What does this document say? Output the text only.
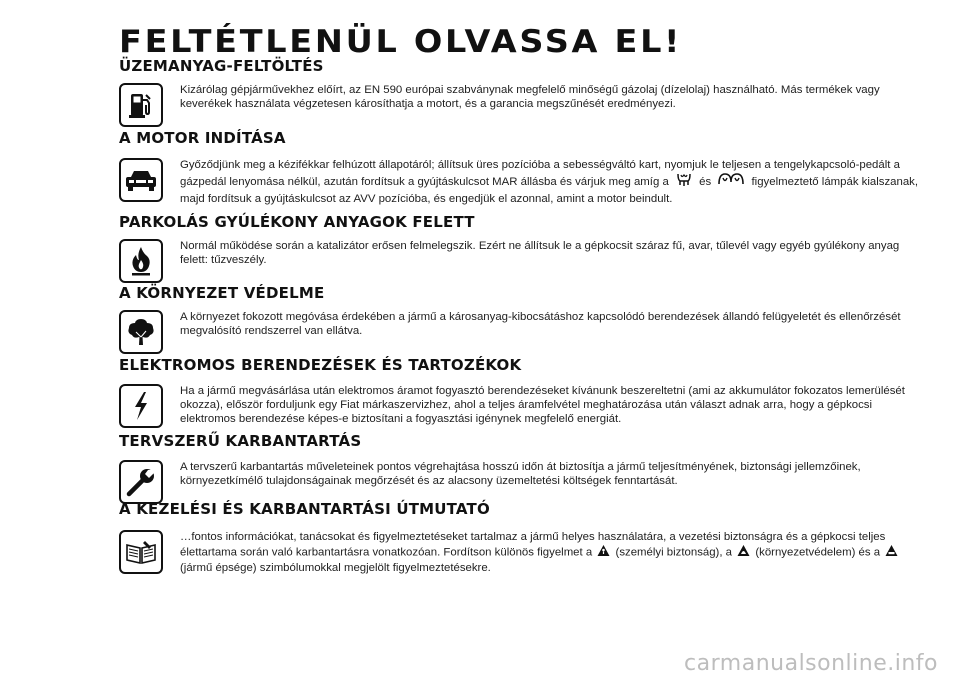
FELTÉTLENÜL OLVASSA EL!
ÜZEMANYAG-FELTÖLTÉS
Kizárólag gépjárművekhez előírt, az EN 590 európai szabványnak megfelelő minőségű gázolaj (dízelolaj) használható. Más termékek vagy keverékek használata végzetesen károsíthatja a motort, és a garancia megszűnését eredményezi.
A MOTOR INDÍTÁSA
Győződjünk meg a kézifékkar felhúzott állapotáról; állítsuk üres pozícióba a sebességváltó kart, nyomjuk le teljesen a tengelykapcsoló-pedált a gázpedál lenyomása nélkül, azután fordítsuk a gyújtáskulcsot MAR állásba és várjuk meg amíg a	és	figyelmeztető lámpák kialszanak, majd fordítsuk a gyújtáskulcsot az AVV pozícióba, és engedjük el azonnal, amint a motor beindult.
PARKOLÁS GYÚLÉKONY ANYAGOK FELETT
Normál működése során a katalizátor erősen felmelegszik. Ezért ne állítsuk le a gépkocsit száraz fű, avar, tűlevél vagy egyéb gyúlékony anyag felett: tűzveszély.
A KÖRNYEZET VÉDELME
A környezet fokozott megóvása érdekében a jármű a károsanyag-kibocsátáshoz kapcsolódó berendezések állandó felügyeletét és ellenőrzését megvalósító rendszerrel van ellátva.
ELEKTROMOS BERENDEZÉSEK ÉS TARTOZÉKOK
Ha a jármű megvásárlása után elektromos áramot fogyasztó berendezéseket kívánunk beszereltetni (ami az akkumulátor fokozatos lemerülését okozza), először forduljunk egy Fiat márkaszervizhez, ahol a teljes áramfelvétel meghatározása után választ adnak arra, hogy a gépkocsi elektromos berendezése képes-e biztosítani a fogyasztási igénynek megfelelő energiát.
TERVSZERŰ KARBANTARTÁS
A tervszerű karbantartás műveleteinek pontos végrehajtása hosszú időn át biztosítja a jármű teljesítményének, biztonsági jellemzőinek, környezetkímélő tulajdonságainak megőrzését és az alacsony üzemeltetési költségek fenntartását.
A KEZELÉSI ÉS KARBANTARTÁSI ÚTMUTATÓ
…fontos információkat, tanácsokat és figyelmeztetéseket tartalmaz a jármű helyes használatára, a vezetési biztonságra és a gépkocsi teljes élettartama során való karbantartásra vonatkozóan. Fordítson különös figyelmet a (személyi biztonság), a (környezetvédelem) és a  (jármű épsége) szimbólumokkal megjelölt figyelmeztetésekre.
carmanualsonline.info
